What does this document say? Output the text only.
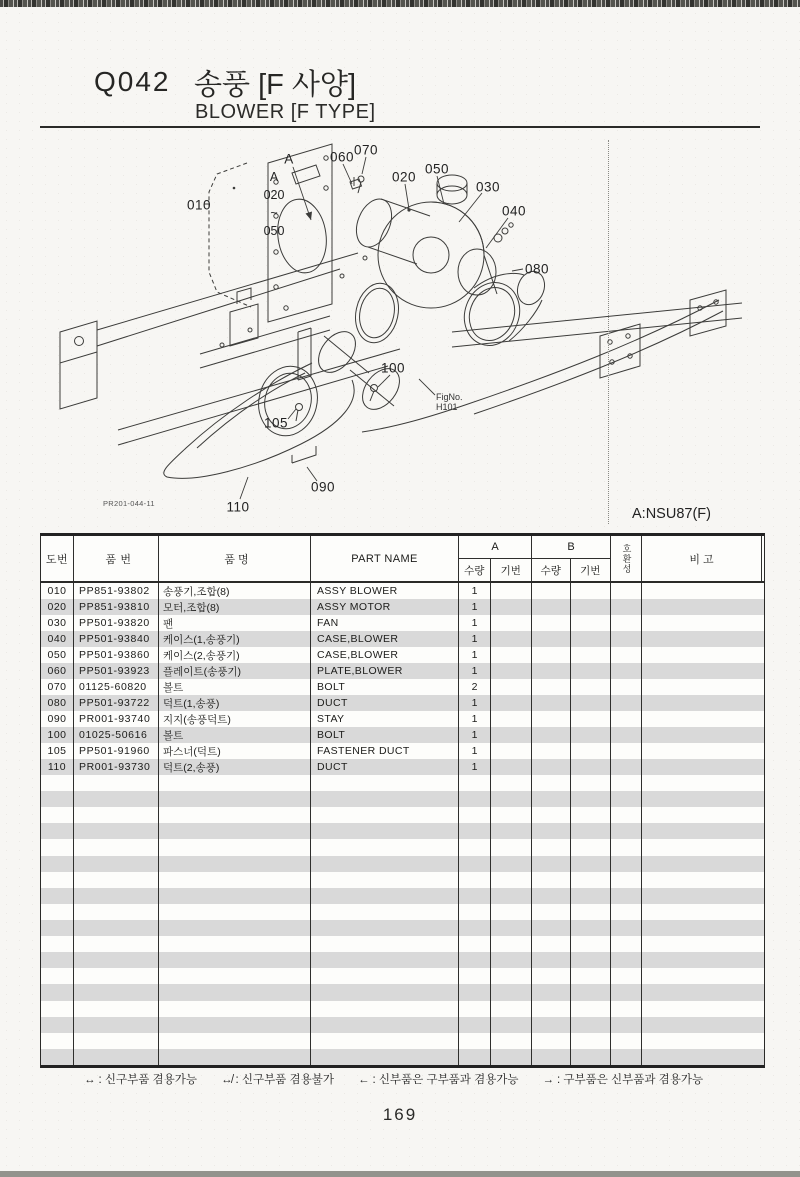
Q042 송풍 [F 사양]
BLOWER [F TYPE]
A	060 070
020
050
030
040
080
100
105
090
110
010
A
020
~
050
FigNo.
H101
PR201-044-11
A:NSU87(F)
도번	품 번	품 명	PART NAME
A
수량	기번
B
수량	기번	호환성	비 고
010	PP851-93802	송풍기,조합(8)	ASSY BLOWER	1
020	PP851-93810	모터,조합(8)	ASSY MOTOR	1
030	PP501-93820	팬	FAN	1
040	PP501-93840	케이스(1,송풍기)	CASE,BLOWER	1
050	PP501-93860	케이스(2,송풍기)	CASE,BLOWER	1
060	PP501-93923	플레이트(송풍기)	PLATE,BLOWER	1
070	01125-60820	볼트	BOLT	2
080	PP501-93722	덕트(1,송풍)	DUCT	1
090	PR001-93740	지지(송풍덕트)	STAY	1
100	01025-50616	볼트	BOLT	1
105	PP501-91960	파스너(덕트)	FASTENER DUCT	1
110	PR001-93730	덕트(2,송풍)	DUCT	1
↔ : 신구부품 겸용가능 ↮ : 신구부품 겸용불가 ← : 신부품은 구부품과 겸용가능 → : 구부품은 신부품과 겸용가능
169
